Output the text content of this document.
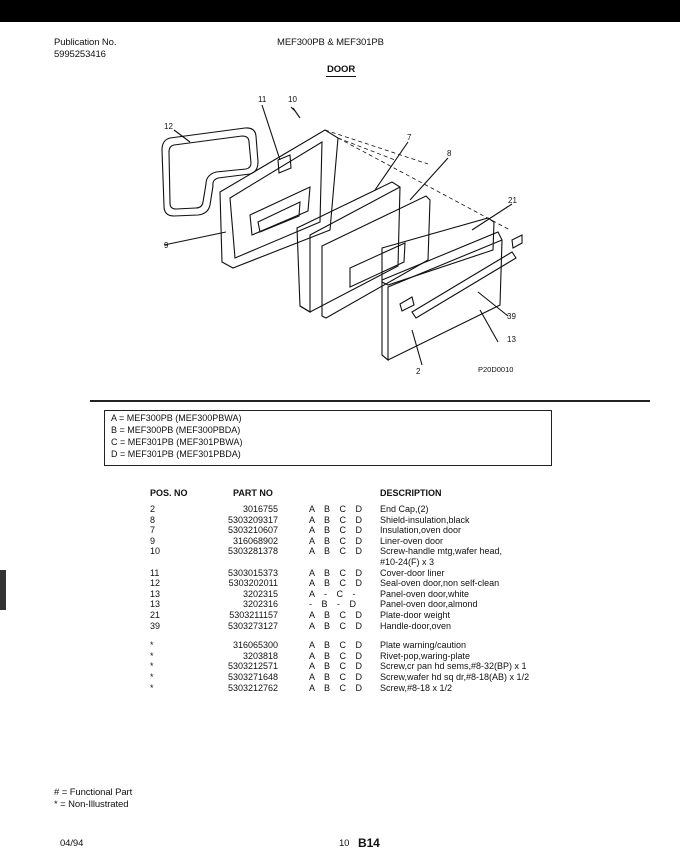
Publication No.
5995253416
MEF300PB & MEF301PB
DOOR
11	10
12
7
8
21
9
39
13
2	P20D0010
A = MEF300PB (MEF300PBWA)
B = MEF300PB (MEF300PBDA)
C = MEF301PB (MEF301PBWA)
D = MEF301PB (MEF301PBDA)
POS. NO	PART NO	DESCRIPTION
2	3016755	A B C D End Cap,(2)
8	5303209317	A B C D Shield-insulation,black
7	5303210607	A B C D Insulation,oven door
9	316068902	A B C D Liner-oven door
10	5303281378	A B C D Screw-handle mtg,wafer head,
#10-24(F) x 3
11	5303015373	A B C D Cover-door liner
12	5303202011	A B C D Seal-oven door,non self-clean
13	3202315	A - C - Panel-oven door,white
13	3202316	- B - D Panel-oven door,almond
21	5303211157	A B C D Plate-door weight
39	5303273127	A B C D Handle-door,oven
*	316065300	A B C D Plate warning/caution
*	3203818	A B C D Rivet-pop,waring-plate
*	5303212571	A B C D Screw,cr pan hd sems,#8-32(BP) x 1
*	5303271648	A B C D Screw,wafer hd sq dr,#8-18(AB) x 1/2
*	5303212762	A B C D Screw,#8-18 x 1/2
# = Functional Part
* = Non-Illustrated
04/94	10 B14
